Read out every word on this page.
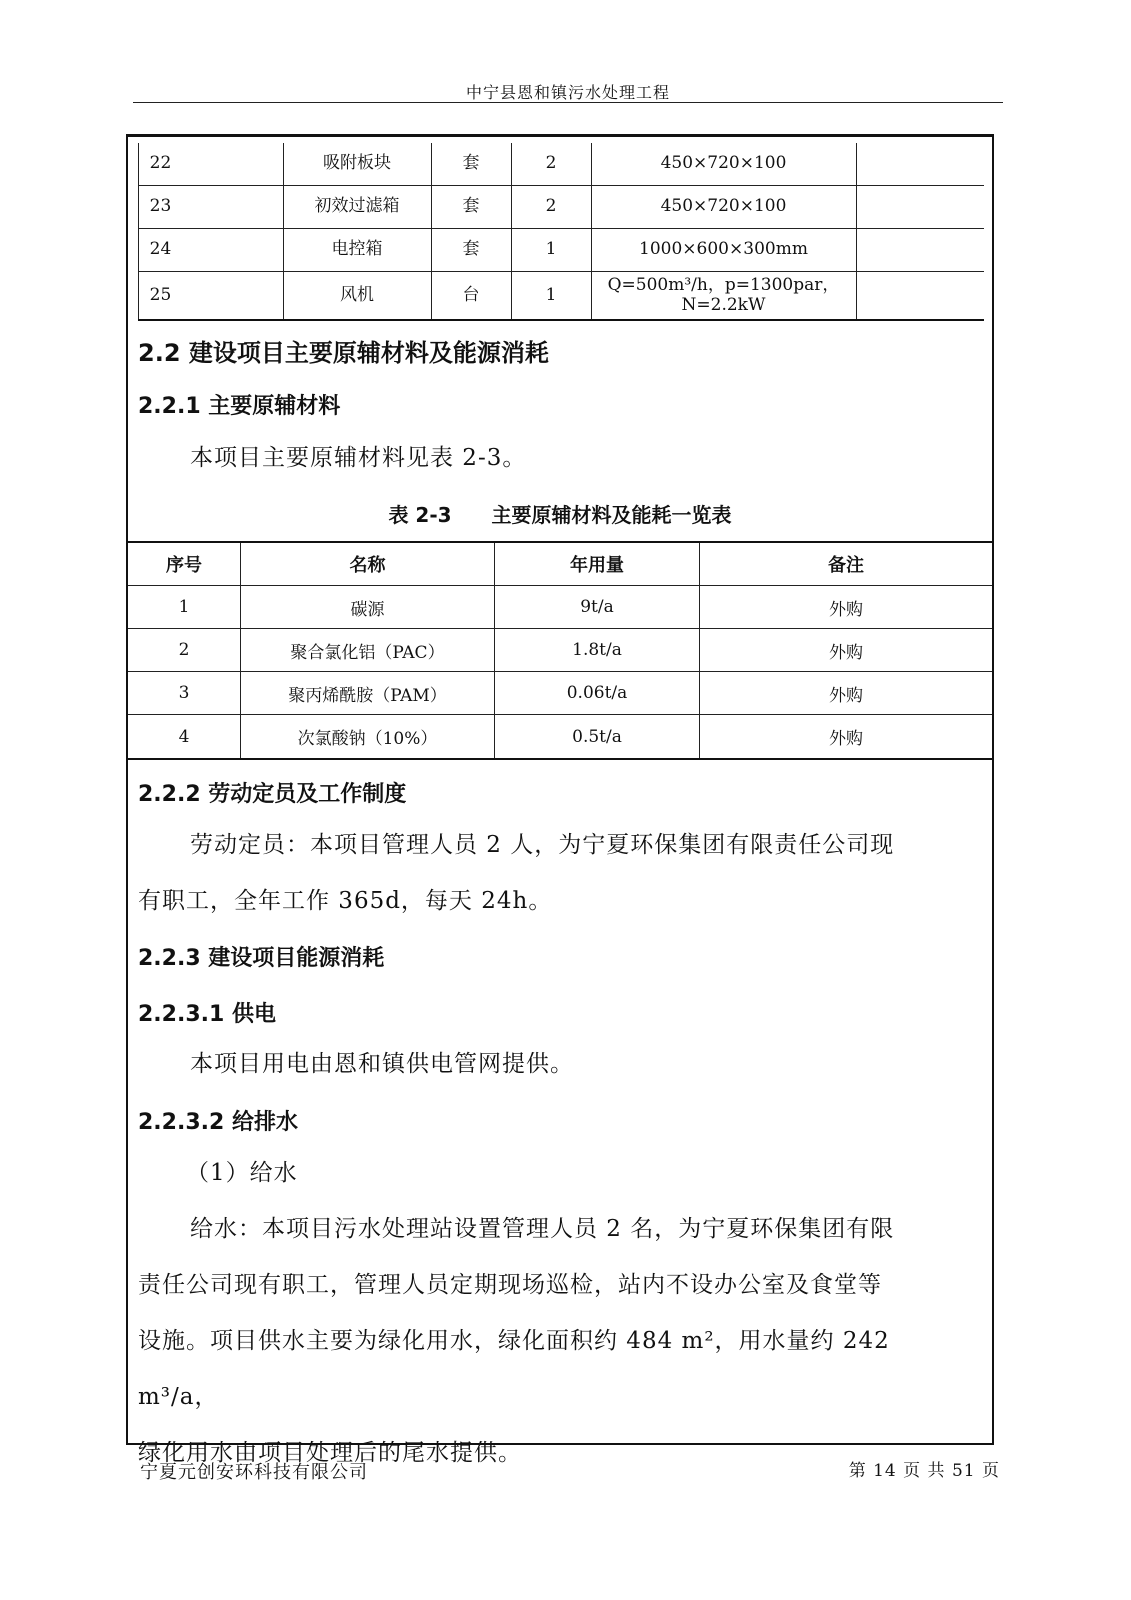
中宁县恩和镇污水处理工程
22	吸附板块	套	2	450×720×100
23	初效过滤箱	套	2	450×720×100
24	电控箱	套	1	1000×600×300mm
25	风机	台	1	Q=500m³/h，p=1300par，
N=2.2kW
2.2 建设项目主要原辅材料及能源消耗
2.2.1 主要原辅材料
本项目主要原辅材料见表 2-3。
表 2-3　　主要原辅材料及能耗一览表
序号	名称	年用量	备注
1	碳源	9t/a	外购
2	聚合氯化铝（PAC）	1.8t/a	外购
3	聚丙烯酰胺（PAM）	0.06t/a	外购
4	次氯酸钠（10%）	0.5t/a	外购
2.2.2 劳动定员及工作制度
劳动定员：本项目管理人员 2 人，为宁夏环保集团有限责任公司现
有职工，全年工作 365d，每天 24h。
2.2.3 建设项目能源消耗
2.2.3.1 供电
本项目用电由恩和镇供电管网提供。
2.2.3.2 给排水
（1）给水
给水：本项目污水处理站设置管理人员 2 名，为宁夏环保集团有限
责任公司现有职工，管理人员定期现场巡检，站内不设办公室及食堂等
设施。项目供水主要为绿化用水，绿化面积约 484 m²，用水量约 242 m³/a，
绿化用水由项目处理后的尾水提供。
宁夏元创安环科技有限公司	第 14 页 共 51 页
